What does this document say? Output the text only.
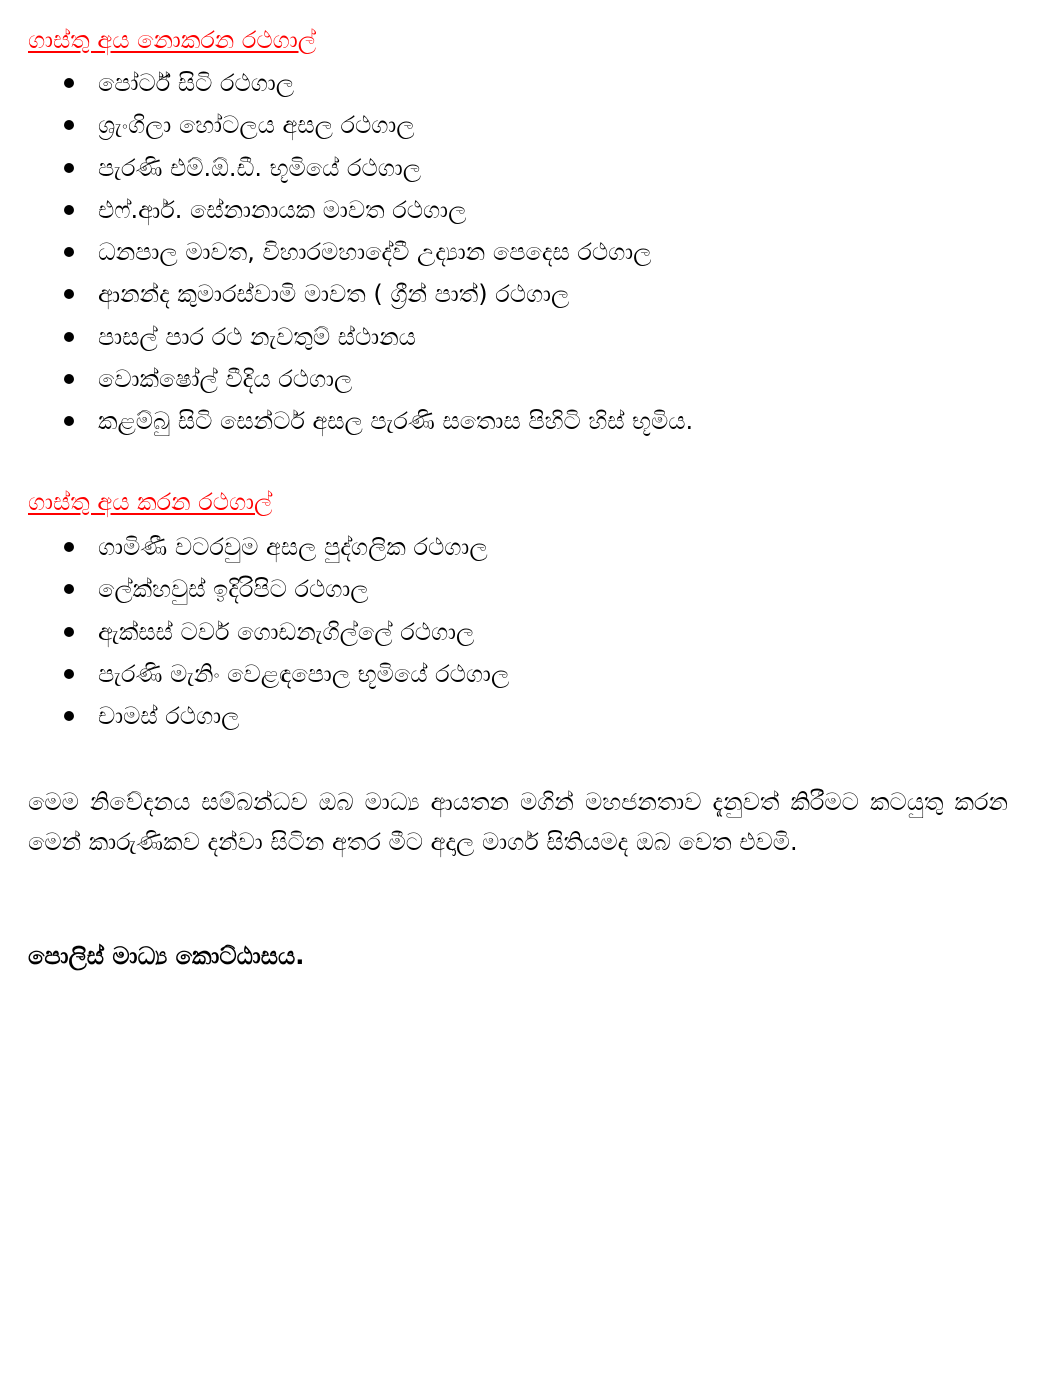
ගාස්තු අය නොකරන රථගාල්
පෝර්ට් සිටි රථගාල
ශ්‍රැංගිලා හෝටලය අසල රථගාල
පැරණි එම්.ඕ.ඩී. භූමියේ රථගාල
එෆ්.ආර්. සේනානායක මාවත රථගාල
ධනපාල මාවත, විහාරමහාදේවී උද්‍යාන පෙදෙස රථගාල
ආනන්ද කුමාරස්වාමි මාවත ( ග්‍රීන් පාත්) රථගාල
පාසල් පාර රථ නැවතුම් ස්ථානය
වොක්ෂෝල් වීදිය රථගාල
කළම්බු සිටි සෙන්ටර් අසල පැරණි සතොස පිහිටි හිස් භූමිය.
ගාස්තු අය කරන රථගාල්
ගාමිණී වටරවුම අසල පුද්ගලික රථගාල
ලේක්හවුස් ඉදිරිපිට රථගාල
ඇක්සස් ටවර් ගොඩනැගිල්ලේ රථගාල
පැරණි මැනිං වෙළඳපොල භූමියේ රථගාල
චාමස් රථගාල

මෙම නිවේදනය සම්බන්ධව ඔබ මාධ්‍ය ආයතන මගින් මහජනතාව දැනුවත් කිරීමට කටයුතු කරන මෙන් කාරුණිකව දන්වා සිටින අතර මීට අදාල මාර්ග සිතියමද ඔබ වෙත එවමි.

පොලිස් මාධ්‍ය කොට්ඨාසය.
